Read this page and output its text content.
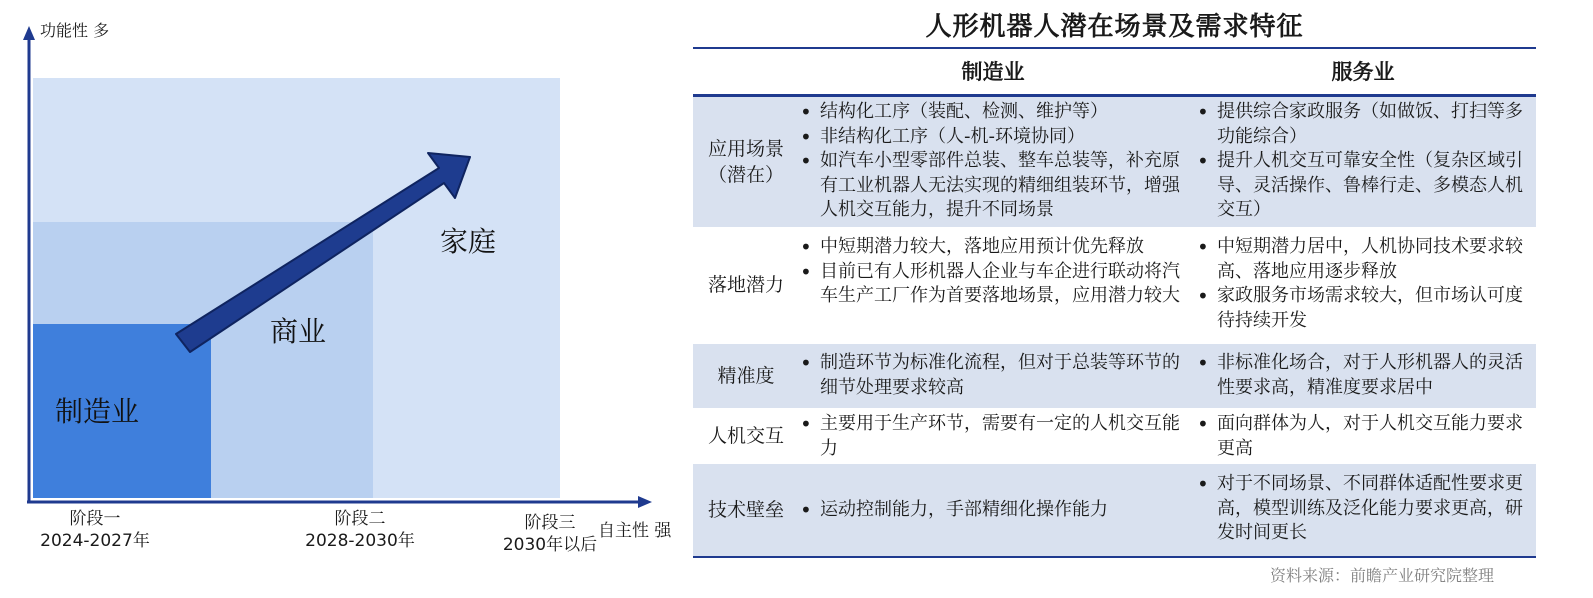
功能性 多
自主性 强
制造业
商业
家庭
阶段一
2024-2027年
阶段二
2028-2030年
阶段三
2030年以后
人形机器人潜在场景及需求特征
制造业	服务业
应用场景（潜在）
• 结构化工序（装配、检测、维护等）
• 非结构化工序（人-机-环境协同）
• 如汽车小型零部件总装、整车总装等，补充原有工业机器人无法实现的精细组装环节，增强人机交互能力，提升不同场景
• 提供综合家政服务（如做饭、打扫等多功能综合）
• 提升人机交互可靠安全性（复杂区域引导、灵活操作、鲁棒行走、多模态人机交互）
落地潜力
• 中短期潜力较大，落地应用预计优先释放
• 目前已有人形机器人企业与车企进行联动将汽车生产工厂作为首要落地场景，应用潜力较大
• 中短期潜力居中，人机协同技术要求较高、落地应用逐步释放
• 家政服务市场需求较大，但市场认可度待持续开发
精准度
• 制造环节为标准化流程，但对于总装等环节的细节处理要求较高
• 非标准化场合，对于人形机器人的灵活性要求高，精准度要求居中
人机交互
• 主要用于生产环节，需要有一定的人机交互能力
• 面向群体为人，对于人机交互能力要求更高
技术壁垒
•	运动控制能力，手部精细化操作能力
• 对于不同场景、不同群体适配性要求更高，模型训练及泛化能力要求更高，研发时间更长
资料来源：前瞻产业研究院整理
